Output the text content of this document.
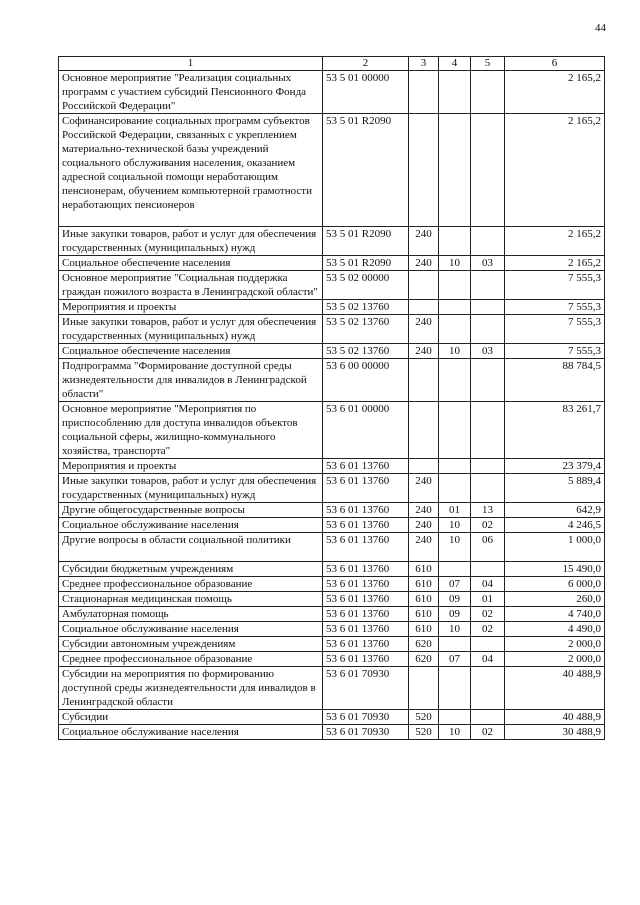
44
1	2	3	4	5	6
Основное мероприятие "Реализация социальных программ с участием субсидий Пенсионного Фонда Российской Федерации"	53 5 01 00000				2 165,2
Софинансирование социальных программ субъектов Российской Федерации, связанных с укреплением материально-технической базы учреждений социального обслуживания населения, оказанием адресной социальной помощи неработающим пенсионерам, обучением компьютерной грамотности неработающих пенсионеров	53 5 01 R2090				2 165,2
Иные закупки товаров, работ и услуг для обеспечения государственных (муниципальных) нужд	53 5 01 R2090	240			2 165,2
Социальное обеспечение населения	53 5 01 R2090	240	10	03	2 165,2
Основное мероприятие "Социальная поддержка граждан пожилого возраста в Ленинградской области"	53 5 02 00000				7 555,3
Мероприятия и проекты	53 5 02 13760				7 555,3
Иные закупки товаров, работ и услуг для обеспечения государственных (муниципальных) нужд	53 5 02 13760	240			7 555,3
Социальное обеспечение населения	53 5 02 13760	240	10	03	7 555,3
Подпрограмма "Формирование доступной среды жизнедеятельности для инвалидов в Ленинградской области"	53 6 00 00000				88 784,5
Основное мероприятие "Мероприятия по приспособлению для доступа инвалидов объектов социальной сферы, жилищно-коммунального хозяйства, транспорта"	53 6 01 00000				83 261,7
Мероприятия и проекты	53 6 01 13760				23 379,4
Иные закупки товаров, работ и услуг для обеспечения государственных (муниципальных) нужд	53 6 01 13760	240			5 889,4
Другие общегосударственные вопросы	53 6 01 13760	240	01	13	642,9
Социальное обслуживание населения	53 6 01 13760	240	10	02	4 246,5
Другие вопросы в области социальной политики	53 6 01 13760	240	10	06	1 000,0
Субсидии бюджетным учреждениям	53 6 01 13760	610			15 490,0
Среднее профессиональное образование	53 6 01 13760	610	07	04	6 000,0
Стационарная медицинская помощь	53 6 01 13760	610	09	01	260,0
Амбулаторная помощь	53 6 01 13760	610	09	02	4 740,0
Социальное обслуживание населения	53 6 01 13760	610	10	02	4 490,0
Субсидии автономным учреждениям	53 6 01 13760	620			2 000,0
Среднее профессиональное образование	53 6 01 13760	620	07	04	2 000,0
Субсидии на мероприятия по формированию доступной среды жизнедеятельности для инвалидов в Ленинградской области	53 6 01 70930				40 488,9
Субсидии	53 6 01 70930	520			40 488,9
Социальное обслуживание населения	53 6 01 70930	520	10	02	30 488,9
